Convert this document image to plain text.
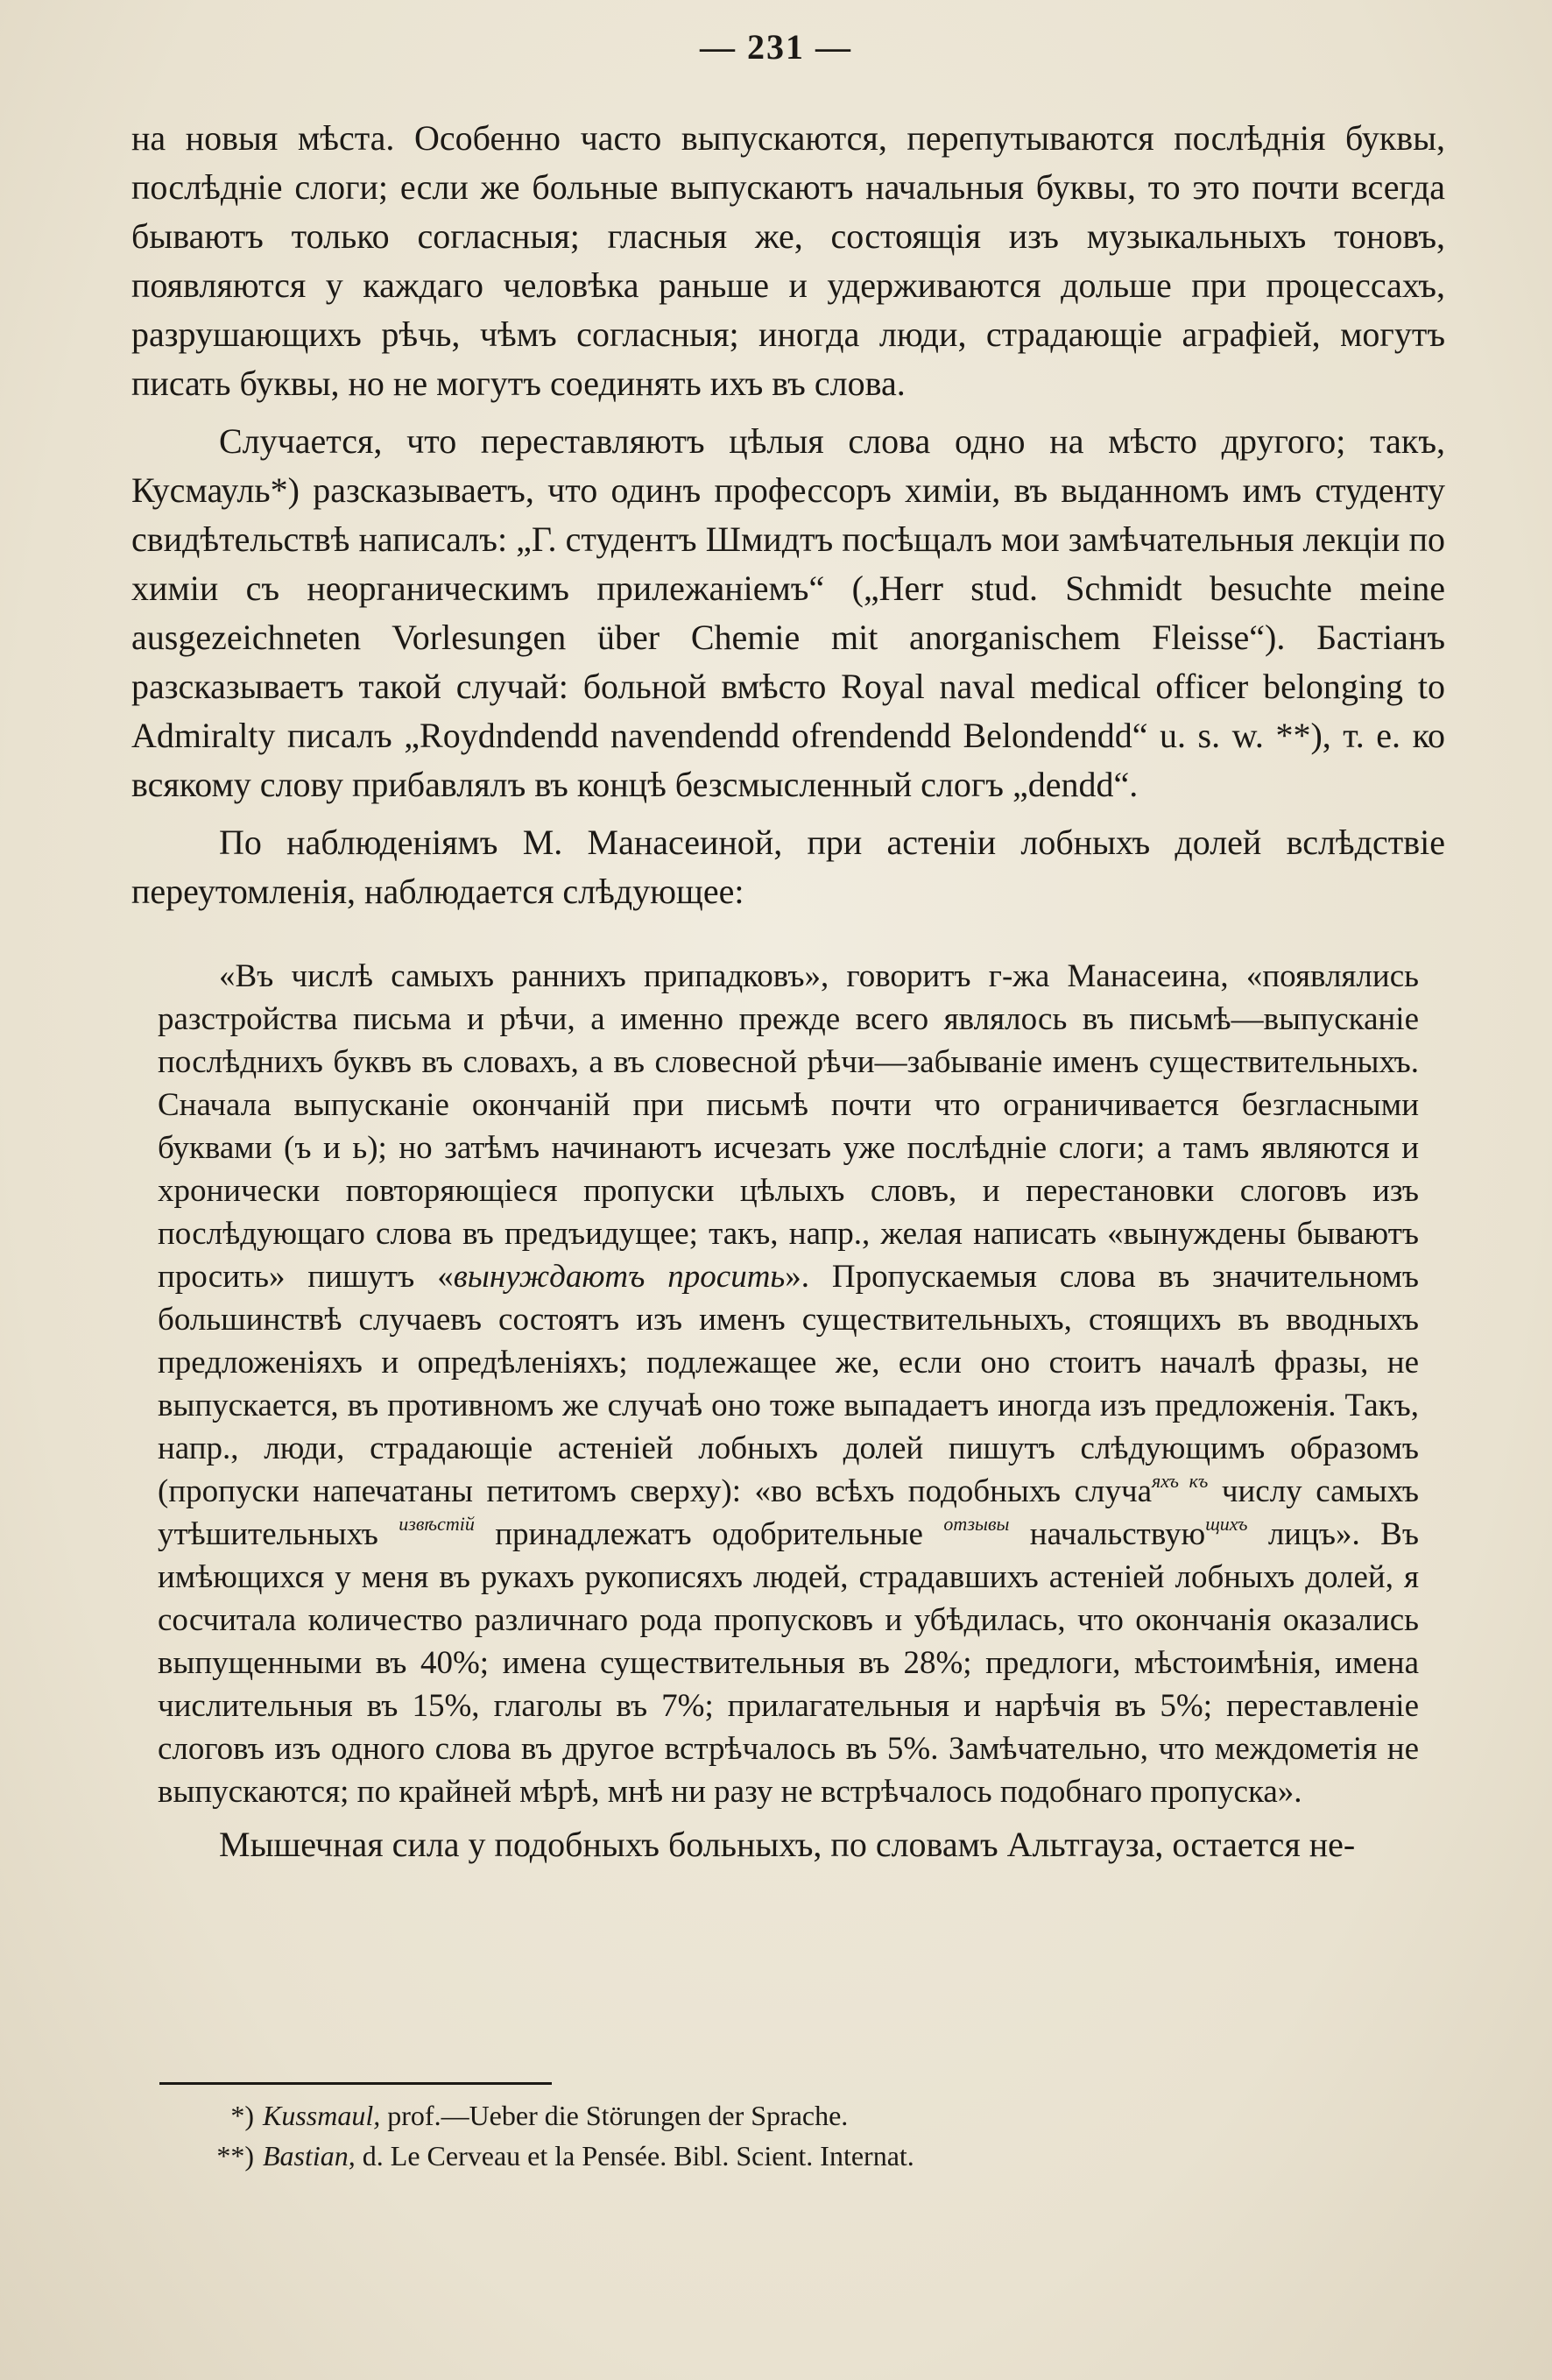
— 231 —

на новыя мѣста. Особенно часто выпускаются, перепутываются послѣднія буквы, послѣдніе слоги; если же больные выпускаютъ начальныя буквы, то это почти всегда бываютъ только согласныя; гласныя же, состоящія изъ музыкальныхъ тоновъ, появляются у каждаго человѣка раньше и удерживаются дольше при процессахъ, разрушающихъ рѣчь, чѣмъ согласныя; иногда люди, страдающіе аграфіей, могутъ писать буквы, но не могутъ соединять ихъ въ слова.

Случается, что переставляютъ цѣлыя слова одно на мѣсто другого; такъ, Кусмауль*) разсказываетъ, что одинъ профессоръ химіи, въ выданномъ имъ студенту свидѣтельствѣ написалъ: „Г. студентъ Шмидтъ посѣщалъ мои замѣчательныя лекціи по химіи съ неорганическимъ прилежаніемъ“ („Herr stud. Schmidt besuchte meine ausgezeichneten Vorlesungen über Chemie mit anorganischem Fleisse“). Бастіанъ разсказываетъ такой случай: больной вмѣсто Royal naval medical officer belonging to Admiralty писалъ „Roydndendd navendendd ofrendendd Belondendd“ u. s. w. **), т. е. ко всякому слову прибавлялъ въ концѣ безсмысленный слогъ „dendd“.

По наблюденіямъ М. Манасеиной, при астеніи лобныхъ долей вслѣдствіе переутомленія, наблюдается слѣдующее:

«Въ числѣ самыхъ раннихъ припадковъ», говоритъ г-жа Манасеина, «появлялись разстройства письма и рѣчи, а именно прежде всего являлось въ письмѣ—выпусканіе послѣднихъ буквъ въ словахъ, а въ словесной рѣчи—забываніе именъ существительныхъ. Сначала выпусканіе окончаній при письмѣ почти что ограничивается безгласными буквами (ъ и ь); но затѣмъ начинаютъ исчезать уже послѣдніе слоги; а тамъ являются и хронически повторяющіеся пропуски цѣлыхъ словъ, и перестановки слоговъ изъ послѣдующаго слова въ предъидущее; такъ, напр., желая написать «вынуждены бываютъ просить» пишутъ «вынуждаютъ просить». Пропускаемыя слова въ значительномъ большинствѣ случаевъ состоятъ изъ именъ существительныхъ, стоящихъ въ вводныхъ предложеніяхъ и опредѣленіяхъ; подлежащее же, если оно стоитъ началѣ фразы, не выпускается, въ противномъ же случаѣ оно тоже выпадаетъ иногда изъ предложенія. Такъ, напр., люди, страдающіе астеніей лобныхъ долей пишутъ слѣдующимъ образомъ (пропуски напечатаны петитомъ сверху): «во всѣхъ подобныхъ случа$^{яхъ къ}$ числу самыхъ утѣшительныхъ $^{извѣстій}$ принадлежатъ одобрительные $^{отзывы}$ начальствую$^{щихъ}$ лицъ». Въ имѣющихся у меня въ рукахъ рукописяхъ людей, страдавшихъ астеніей лобныхъ долей, я сосчитала количество различнаго рода пропусковъ и убѣдилась, что окончанія оказались выпущенными въ 40%; имена существительныя въ 28%; предлоги, мѣстоимѣнія, имена числительныя въ 15%, глаголы въ 7%; прилагательныя и нарѣчія въ 5%; переставленіе слоговъ изъ одного слова въ другое встрѣчалось въ 5%. Замѣчательно, что междометія не выпускаются; по крайней мѣрѣ, мнѣ ни разу не встрѣчалось подобнаго пропуска».

Мышечная сила у подобныхъ больныхъ, по словамъ Альтгауза, остается не-

*) Kussmaul, prof.—Ueber die Störungen der Sprache.

**) Bastian, d. Le Cerveau et la Pensée. Bibl. Scient. Internat.
